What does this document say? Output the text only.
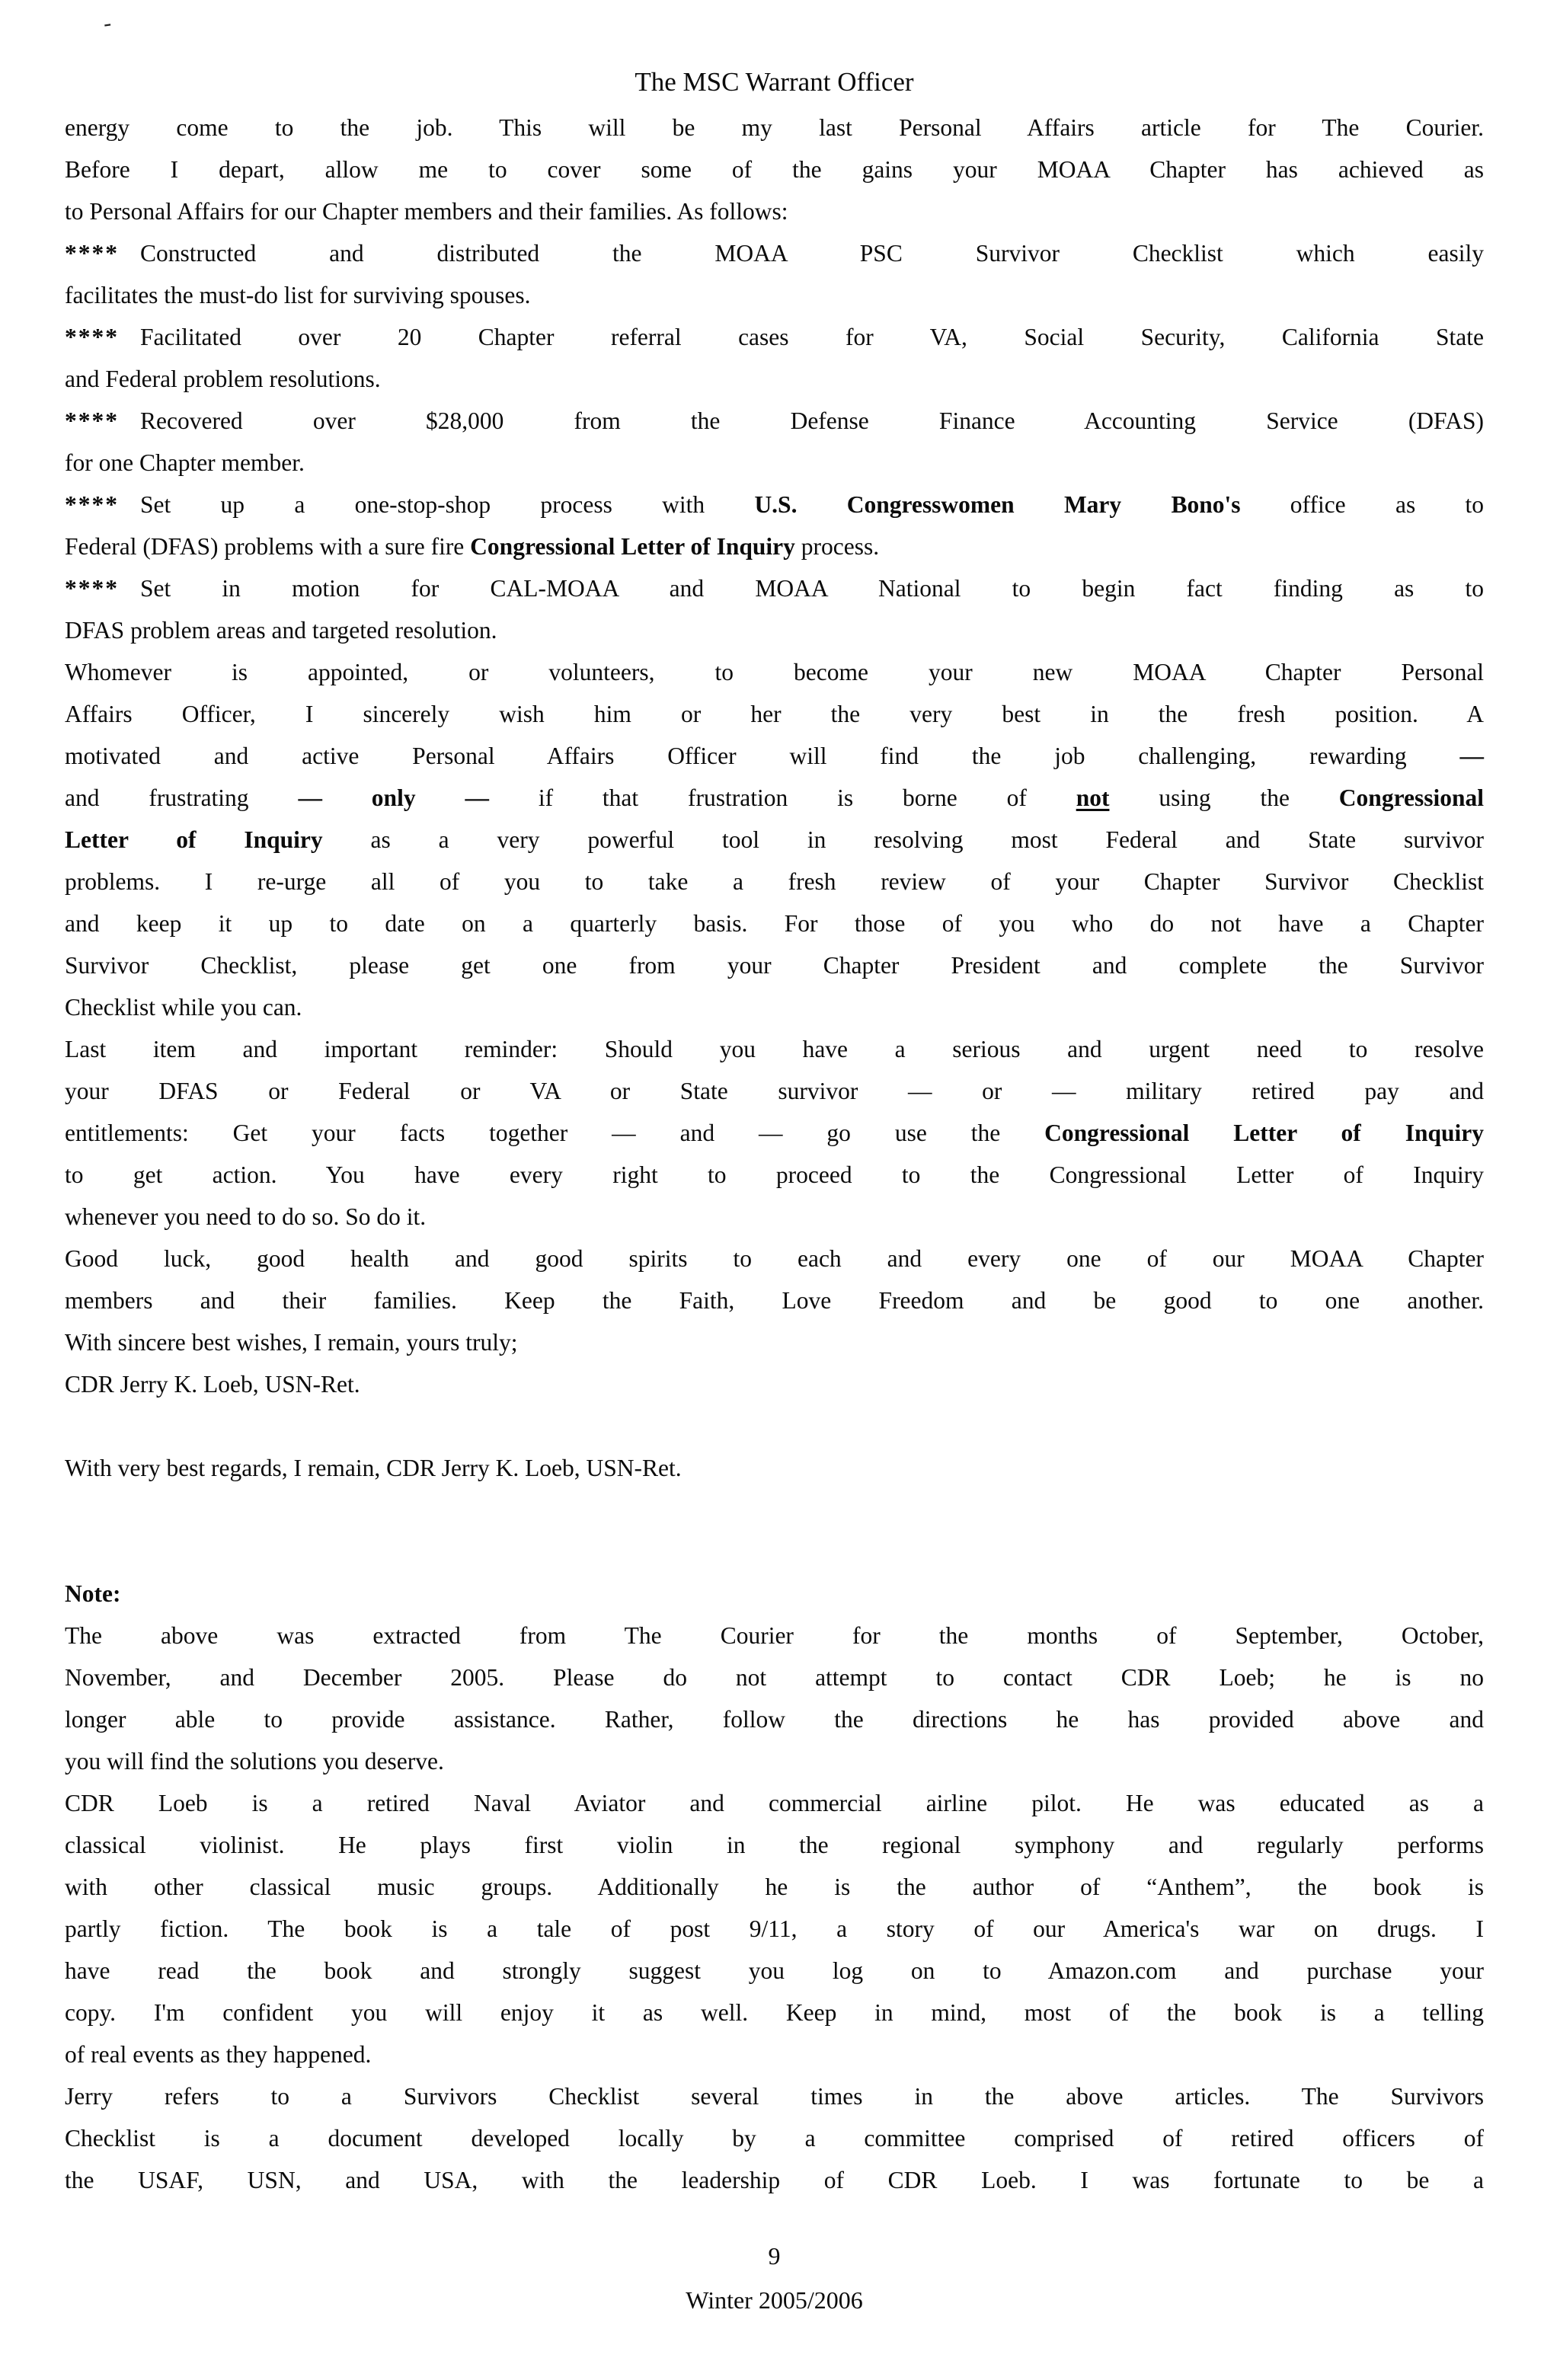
-
The MSC Warrant Officer
energy come to the job. This will be my last Personal Affairs article for The Courier.
Before I depart, allow me to cover some of the gains your MOAA Chapter has achieved as
to Personal Affairs for our Chapter members and their families. As follows:
**** Constructed and distributed the MOAA PSC Survivor Checklist which easily
facilitates the must-do list for surviving spouses.
**** Facilitated over 20 Chapter referral cases for VA, Social Security, California State
and Federal problem resolutions.
**** Recovered over $28,000 from the Defense Finance Accounting Service (DFAS)
for one Chapter member.
**** Set up a one-stop-shop process with U.S. Congresswomen Mary Bono's office as to
Federal (DFAS) problems with a sure fire Congressional Letter of Inquiry process.
**** Set in motion for CAL-MOAA and MOAA National to begin fact finding as to
DFAS problem areas and targeted resolution.
Whomever is appointed, or volunteers, to become your new MOAA Chapter Personal
Affairs Officer, I sincerely wish him or her the very best in the fresh position. A
motivated and active Personal Affairs Officer will find the job challenging, rewarding —
and frustrating — only — if that frustration is borne of not using the Congressional
Letter of Inquiry as a very powerful tool in resolving most Federal and State survivor
problems. I re-urge all of you to take a fresh review of your Chapter Survivor Checklist
and keep it up to date on a quarterly basis. For those of you who do not have a Chapter
Survivor Checklist, please get one from your Chapter President and complete the Survivor
Checklist while you can.
Last item and important reminder: Should you have a serious and urgent need to resolve
your DFAS or Federal or VA or State survivor — or — military retired pay and
entitlements: Get your facts together — and — go use the Congressional Letter of Inquiry
to get action. You have every right to proceed to the Congressional Letter of Inquiry
whenever you need to do so. So do it.
Good luck, good health and good spirits to each and every one of our MOAA Chapter
members and their families. Keep the Faith, Love Freedom and be good to one another.
With sincere best wishes, I remain, yours truly;
CDR Jerry K. Loeb, USN-Ret.
With very best regards, I remain, CDR Jerry K. Loeb, USN-Ret.
Note:
The above was extracted from The Courier for the months of September, October,
November, and December 2005. Please do not attempt to contact CDR Loeb; he is no
longer able to provide assistance. Rather, follow the directions he has provided above and
you will find the solutions you deserve.
CDR Loeb is a retired Naval Aviator and commercial airline pilot. He was educated as a
classical violinist. He plays first violin in the regional symphony and regularly performs
with other classical music groups. Additionally he is the author of “Anthem”, the book is
partly fiction. The book is a tale of post 9/11, a story of our America's war on drugs. I
have read the book and strongly suggest you log on to Amazon.com and purchase your
copy. I'm confident you will enjoy it as well. Keep in mind, most of the book is a telling
of real events as they happened.
Jerry refers to a Survivors Checklist several times in the above articles. The Survivors
Checklist is a document developed locally by a committee comprised of retired officers of
the USAF, USN, and USA, with the leadership of CDR Loeb. I was fortunate to be a
9
Winter 2005/2006
